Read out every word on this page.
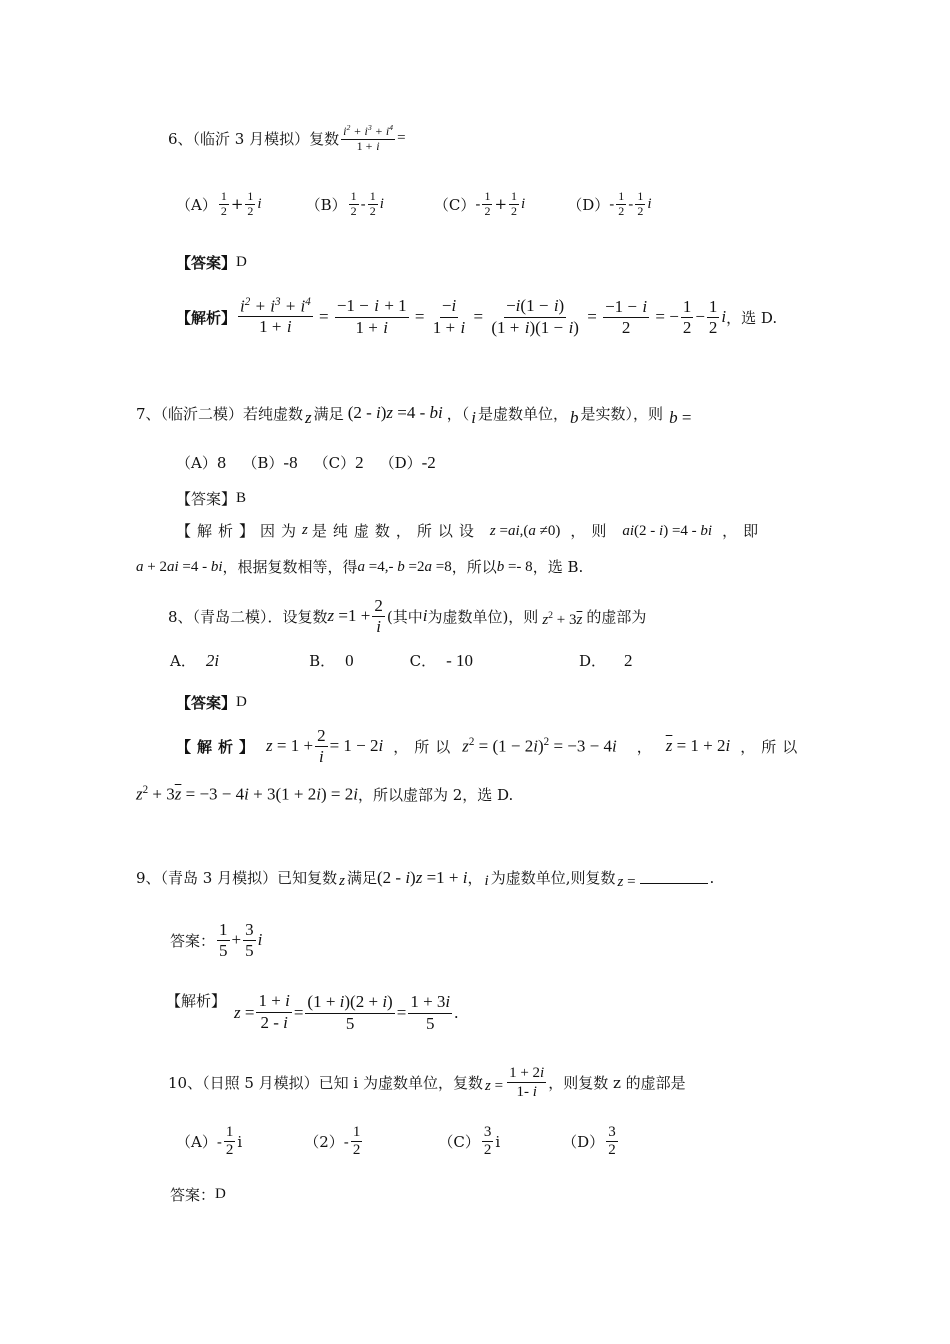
6、（临沂 3 月模拟）复数 $\frac{i^2 + i^3 + i^4}{1 + i}$ =
$(A) \frac{1}{2} + \frac{1}{2}$ i	$(B) \frac{1}{2} - \frac{1}{2}$ i	$(C) - \frac{1}{2} + \frac{1}{2}$ i	$(D) - \frac{1}{2} - \frac{1}{2}$ i
【答案】 D
【解析】 $\frac{i^2 + i^3 + i^4}{1 + i} = \frac{-1 - i + 1}{1 + i} = \frac{-i}{1 + i} = \frac{-i(1 - i)}{(1 + i)(1 - i)} = \frac{-1 - i}{2}$ = − $\frac{1}{2} - \frac{1}{2}$ i ，选 D.
7、（临沂二模）若纯虚数 z 满足 (2 - i)z =4 - bi ，（ i 是虚数单位， b 是实数），则 b =
（A）8 （B） -8 （C） 2 （D） -2
【答案】 B
【解析】 因为 z 是纯虚数，所以设 z =ai,(a ≠0) ，则 ai(2 - i) =4 - bi ，即
a + 2ai =4 - bi ，根据复数相等，得 a =4,- b =2a =8 ，所以 b =- 8 ，选 B.
8、（青岛二模）．设复数 $z =1 + \frac{2}{i}$ (其中 i 为虚数单位)，则 $z^2 + 3\overline{z}$ 的虚部为
A． 2i	B． 0	C． - 10	D． 2
【答案】 D
【解析】 $z = 1 + \frac{2}{i} = 1 - 2i$ ，所以 $z^2 = (1 - 2i)^2 = -3 - 4i$ ， $\overline{z} = 1 + 2i$ ，所以
$z^2 + 3\overline{z} = -3 - 4i + 3(1 + 2i) = 2i$ ，所以虚部为 2，选 D.
9、（青岛 3 月模拟）已知复数 z 满足 (2 - i)z =1 + i ， i 为虚数单位,则复数 z =	.
答案： $\frac{1}{5} + \frac{3}{5}$ i
【解析】
$z = \frac{1 + i}{2 - i} = \frac{(1 + i)(2 + i)}{5} = \frac{1 + 3i}{5}$ .
10、（日照 5 月模拟）已知 i 为虚数单位，复数 $z = \frac{1 + 2i}{1- i}$ ，则复数 z 的虚部是
$(A) - \frac{1}{2}$ i	$(2) - \frac{1}{2}$	$(C) \frac{3}{2}$ i	$(D) \frac{3}{2}$
答案： D
